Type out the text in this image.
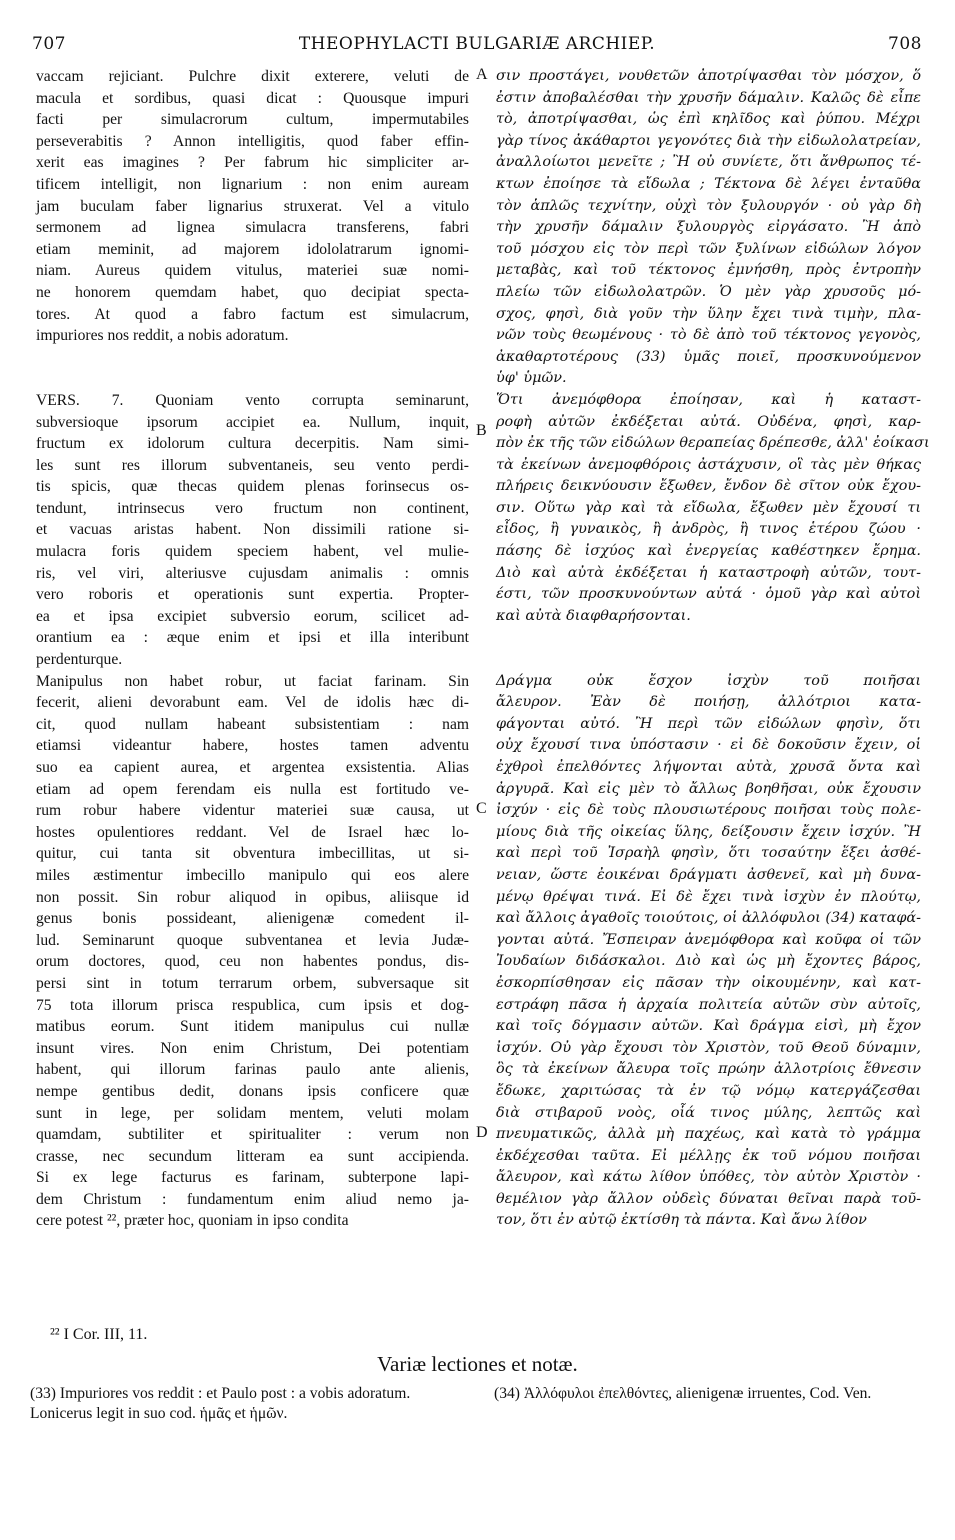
707	THEOPHYLACTI BULGARIÆ ARCHIEP.	708
vaccam rejiciant. Pulchre dixit exterere, veluti de
macula et sordibus, quasi dicat : Quousque impuri
facti per simulacrorum cultum, impermutabiles
perseverabitis ? Annon intelligitis, quod faber effin-
xerit eas imagines ? Per fabrum hic simpliciter ar-
tificem intelligit, non lignarium : non enim auream
jam buculam faber lignarius struxerat. Vel a vitulo
sermonem ad lignea simulacra transferens, fabri
etiam meminit, ad majorem idololatrarum ignomi-
niam. Aureus quidem vitulus, materiei suæ nomi-
ne honorem quemdam habet, quo decipiat specta-
tores. At quod a fabro factum est simulacrum,
impuriores nos reddit, a nobis adoratum.
VERS. 7. Quoniam vento corrupta seminarunt,
subversioque ipsorum accipiet ea. Nullum, inquit,
fructum ex idolorum cultura decerpitis. Nam simi-
les sunt res illorum subventaneis, seu vento perdi-
tis spicis, quæ thecas quidem plenas forinsecus os-
tendunt, intrinsecus vero fructum non continent,
et vacuas aristas habent. Non dissimili ratione si-
mulacra foris quidem speciem habent, vel mulie-
ris, vel viri, alteriusve cujusdam animalis : omnis
vero roboris et operationis sunt expertia. Propter-
ea et ipsa excipiet subversio eorum, scilicet ad-
orantium ea : æque enim et ipsi et illa interibunt
perdenturque.
Manipulus non habet robur, ut faciat farinam. Sin
fecerit, alieni devorabunt eam. Vel de idolis hæc di-
cit, quod nullam habeant subsistentiam : nam
etiamsi videantur habere, hostes tamen adventu
suo ea capient aurea, et argentea exsistentia. Alias
etiam ad opem ferendam eis nulla est fortitudo ve-
rum robur habere videntur materiei suæ causa, ut
hostes opulentiores reddant. Vel de Israel hæc lo-
quitur, cui tanta sit obventura imbecillitas, ut si-
miles æstimentur imbecillo manipulo qui eos alere
non possit. Sin robur aliquod in opibus, aliisque id
genus bonis possideant, alienigenæ comedent il-
lud. Seminarunt quoque subventanea et levia Judæ-
orum doctores, quod, ceu non habentes pondus, dis-
persi sint in totum terrarum orbem, subversaque sit
75 tota illorum prisca respublica, cum ipsis et dog-
matibus eorum. Sunt itidem manipulus cui nullæ
insunt vires. Non enim Christum, Dei potentiam
habent, qui illorum farinas paulo ante alienis,
nempe gentibus dedit, donans ipsis conficere quæ
sunt in lege, per solidam mentem, veluti molam
quamdam, subtiliter et spiritualiter : verum non
crasse, nec secundum litteram ea sunt accipienda.
Si ex lege facturus es farinam, subterpone lapi-
dem Christum : fundamentum enim aliud nemo ja-
cere potest ²², præter hoc, quoniam in ipso condita
σιν προστάγει, νουθετῶν ἀποτρίψασθαι τὸν μόσχον, ὅ
ἐστιν ἀποβαλέσθαι τὴν χρυσῆν δάμαλιν. Καλῶς δὲ εἶπε
τὸ, ἀποτρίψασθαι, ὡς ἐπὶ κηλῖδος καὶ ῥύπου. Μέχρι
γὰρ τίνος ἀκάθαρτοι γεγονότες διὰ τὴν εἰδωλολατρείαν,
ἀναλλοίωτοι μενεῖτε ; Ἢ οὐ συνίετε, ὅτι ἄνθρωπος τέ-
κτων ἐποίησε τὰ εἴδωλα ; Τέκτονα δὲ λέγει ἐνταῦθα
τὸν ἁπλῶς τεχνίτην, οὐχὶ τὸν ξυλουργόν · οὐ γὰρ δὴ
τὴν χρυσῆν δάμαλιν ξυλουργὸς εἰργάσατο. Ἢ ἀπὸ
τοῦ μόσχου εἰς τὸν περὶ τῶν ξυλίνων εἰδώλων λόγον
μεταβὰς, καὶ τοῦ τέκτονος ἐμνήσθη, πρὸς ἐντροπὴν
πλείω τῶν εἰδωλολατρῶν. Ὁ μὲν γὰρ χρυσοῦς μό-
σχος, φησὶ, διὰ γοῦν τὴν ὕλην ἔχει τινὰ τιμὴν, πλα-
νῶν τοὺς θεωμένους · τὸ δὲ ἀπὸ τοῦ τέκτονος γεγονὸς,
ἀκαθαρτοτέρους (33) ὑμᾶς ποιεῖ, προσκυνούμενον
ὑφ' ὑμῶν.
Ὅτι ἀνεμόφθορα ἐποίησαν, καὶ ἡ καταστ-
ροφὴ αὐτῶν ἐκδέξεται αὐτά. Οὐδένα, φησὶ, καρ-
πὸν ἐκ τῆς τῶν εἰδώλων θεραπείας δρέπεσθε, ἀλλ' ἐοίκασι
τὰ ἐκείνων ἀνεμοφθόροις ἀστάχυσιν, οἳ τὰς μὲν θήκας
πλήρεις δεικνύουσιν ἔξωθεν, ἔνδον δὲ σῖτον οὐκ ἔχου-
σιν. Οὕτω γὰρ καὶ τὰ εἴδωλα, ἔξωθεν μὲν ἔχουσί τι
εἶδος, ἢ γυναικὸς, ἢ ἀνδρὸς, ἢ τινος ἑτέρου ζώου ·
πάσης δὲ ἰσχύος καὶ ἐνεργείας καθέστηκεν ἔρημα.
Διὸ καὶ αὐτὰ ἐκδέξεται ἡ καταστροφὴ αὐτῶν, τουτ-
έστι, τῶν προσκυνούντων αὐτά · ὁμοῦ γὰρ καὶ αὐτοὶ
καὶ αὐτὰ διαφθαρήσονται.
Δράγμα οὐκ ἔσχον ἰσχὺν τοῦ ποιῆσαι
ἄλευρον. Ἐὰν δὲ ποιήσῃ, ἀλλότριοι κατα-
φάγονται αὐτό. Ἢ περὶ τῶν εἰδώλων φησὶν, ὅτι
οὐχ ἔχουσί τινα ὑπόστασιν · εἰ δὲ δοκοῦσιν ἔχειν, οἱ
ἐχθροὶ ἐπελθόντες λήψονται αὐτὰ, χρυσᾶ ὄντα καὶ
ἀργυρᾶ. Καὶ εἰς μὲν τὸ ἄλλως βοηθῆσαι, οὐκ ἔχουσιν
ἰσχύν · εἰς δὲ τοὺς πλουσιωτέρους ποιῆσαι τοὺς πολε-
μίους διὰ τῆς οἰκείας ὕλης, δείξουσιν ἔχειν ἰσχύν. Ἢ
καὶ περὶ τοῦ Ἰσραὴλ φησὶν, ὅτι τοσαύτην ἕξει ἀσθέ-
νειαν, ὥστε ἐοικέναι δράγματι ἀσθενεῖ, καὶ μὴ δυνα-
μένῳ θρέψαι τινά. Εἰ δὲ ἔχει τινὰ ἰσχὺν ἐν πλούτῳ,
καὶ ἄλλοις ἀγαθοῖς τοιούτοις, οἱ ἀλλόφυλοι (34) καταφά-
γονται αὐτά. Ἔσπειραν ἀνεμόφθορα καὶ κοῦφα οἱ τῶν
Ἰουδαίων διδάσκαλοι. Διὸ καὶ ὡς μὴ ἔχοντες βάρος,
ἐσκορπίσθησαν εἰς πᾶσαν τὴν οἰκουμένην, καὶ κατ-
εστράφη πᾶσα ἡ ἀρχαία πολιτεία αὐτῶν σὺν αὐτοῖς,
καὶ τοῖς δόγμασιν αὐτῶν. Καὶ δράγμα εἰσὶ, μὴ ἔχον
ἰσχύν. Οὐ γὰρ ἔχουσι τὸν Χριστὸν, τοῦ Θεοῦ δύναμιν,
ὃς τὰ ἐκείνων ἄλευρα τοῖς πρώην ἀλλοτρίοις ἔθνεσιν
ἔδωκε, χαριτώσας τὰ ἐν τῷ νόμῳ κατεργάζεσθαι
διὰ στιβαροῦ νοὸς, οἷά τινος μύλης, λεπτῶς καὶ
πνευματικῶς, ἀλλὰ μὴ παχέως, καὶ κατὰ τὸ γράμμα
ἐκδέχεσθαι ταῦτα. Εἰ μέλλῃς ἐκ τοῦ νόμου ποιῆσαι
ἄλευρον, καὶ κάτω λίθον ὑπόθες, τὸν αὐτὸν Χριστὸν ·
θεμέλιον γὰρ ἄλλον οὐδεὶς δύναται θεῖναι παρὰ τοῦ-
τον, ὅτι ἐν αὐτῷ ἐκτίσθη τὰ πάντα. Καὶ ἄνω λίθον
A
B
C
D
²² I Cor. III, 11.
Variæ lectiones et notæ.
(33) Impuriores vos reddit : et Paulo post : a vobis adoratum. Lonicerus legit in suo cod. ἡμᾶς et ἡμῶν.
(34) Ἀλλόφυλοι ἐπελθόντες, alienigenæ irruentes, Cod. Ven.
